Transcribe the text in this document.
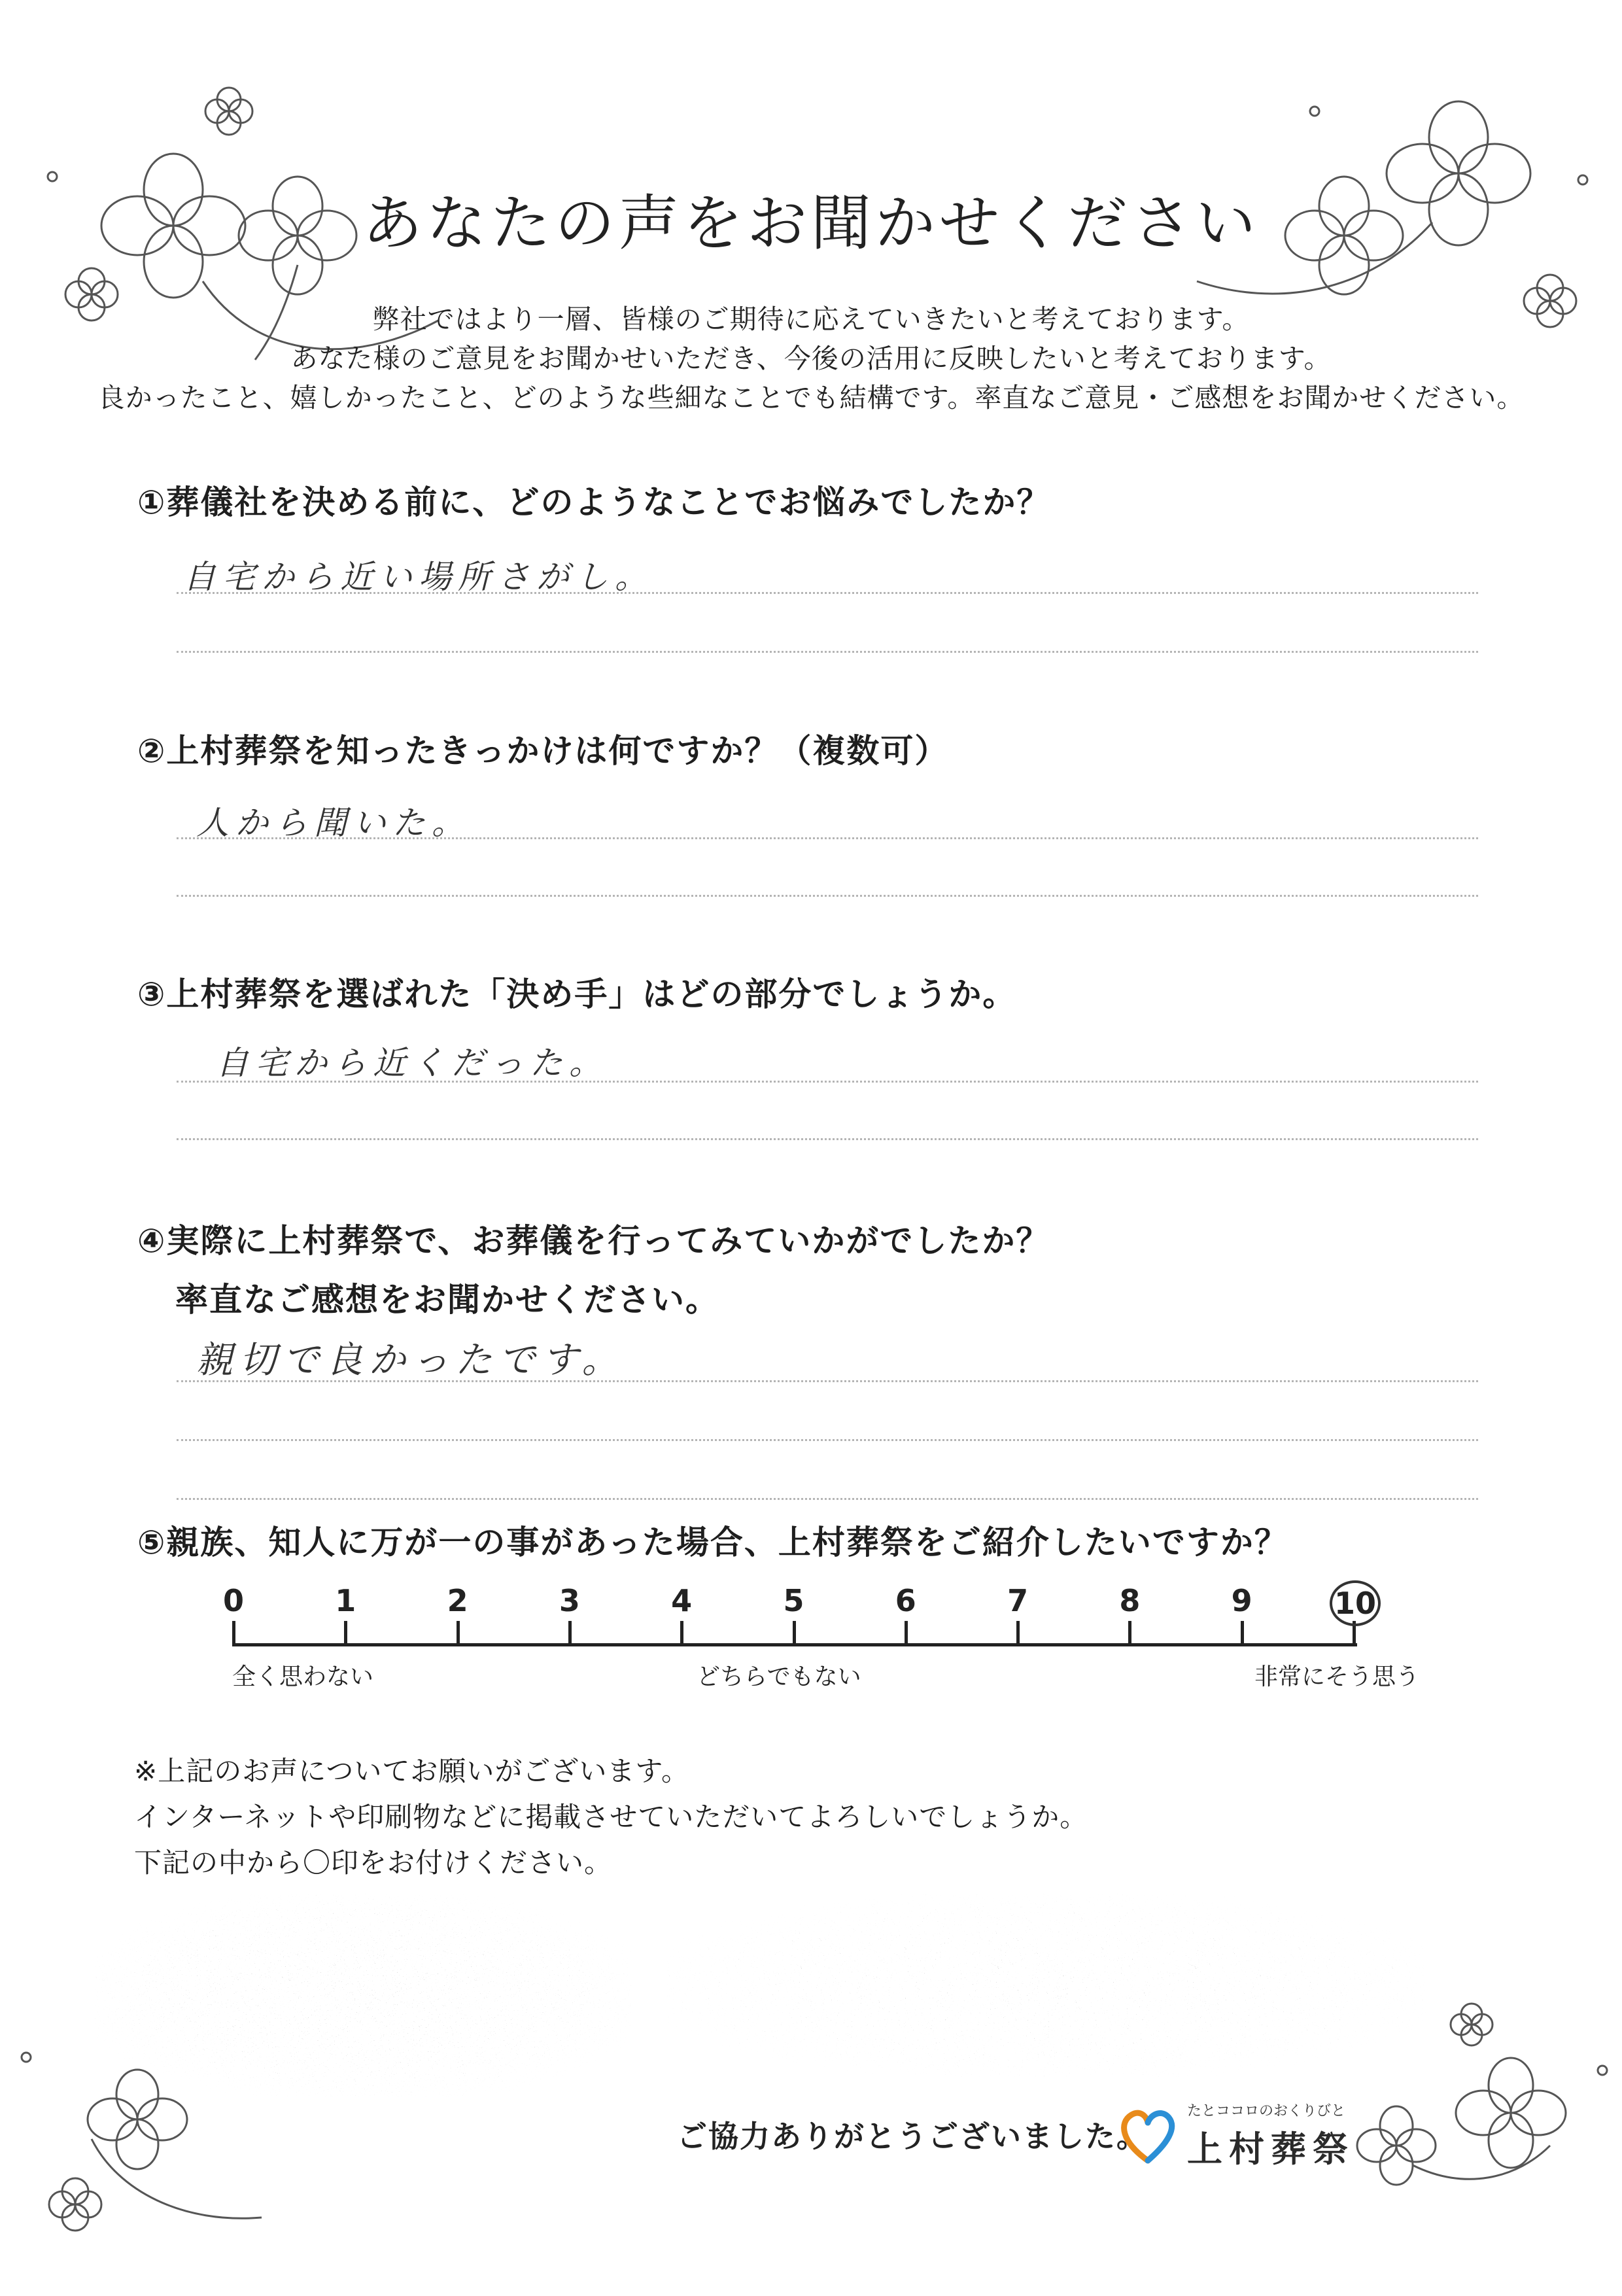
あなたの声をお聞かせください
弊社ではより一層、皆様のご期待に応えていきたいと考えております。
あなた様のご意見をお聞かせいただき、今後の活用に反映したいと考えております。
良かったこと、嬉しかったこと、どのような些細なことでも結構です。率直なご意見・ご感想をお聞かせください。
①葬儀社を決める前に、どのようなことでお悩みでしたか？
自宅から近い場所さがし。
②上村葬祭を知ったきっかけは何ですか？（複数可）
人から聞いた。
③上村葬祭を選ばれた「決め手」はどの部分でしょうか。
自宅から近くだった。
④実際に上村葬祭で、お葬儀を行ってみていかがでしたか？
率直なご感想をお聞かせください。
親切で良かったです。
⑤親族、知人に万が一の事があった場合、上村葬祭をご紹介したいですか？
0	1	2	3	4	5	6	7	8	9	10
全く思わない	どちらでもない	非常にそう思う
※上記のお声についてお願いがございます。
インターネットや印刷物などに掲載させていただいてよろしいでしょうか。
下記の中から〇印をお付けください。
ご協力ありがとうございました。
たとココロのおくりびと
上村葬祭
